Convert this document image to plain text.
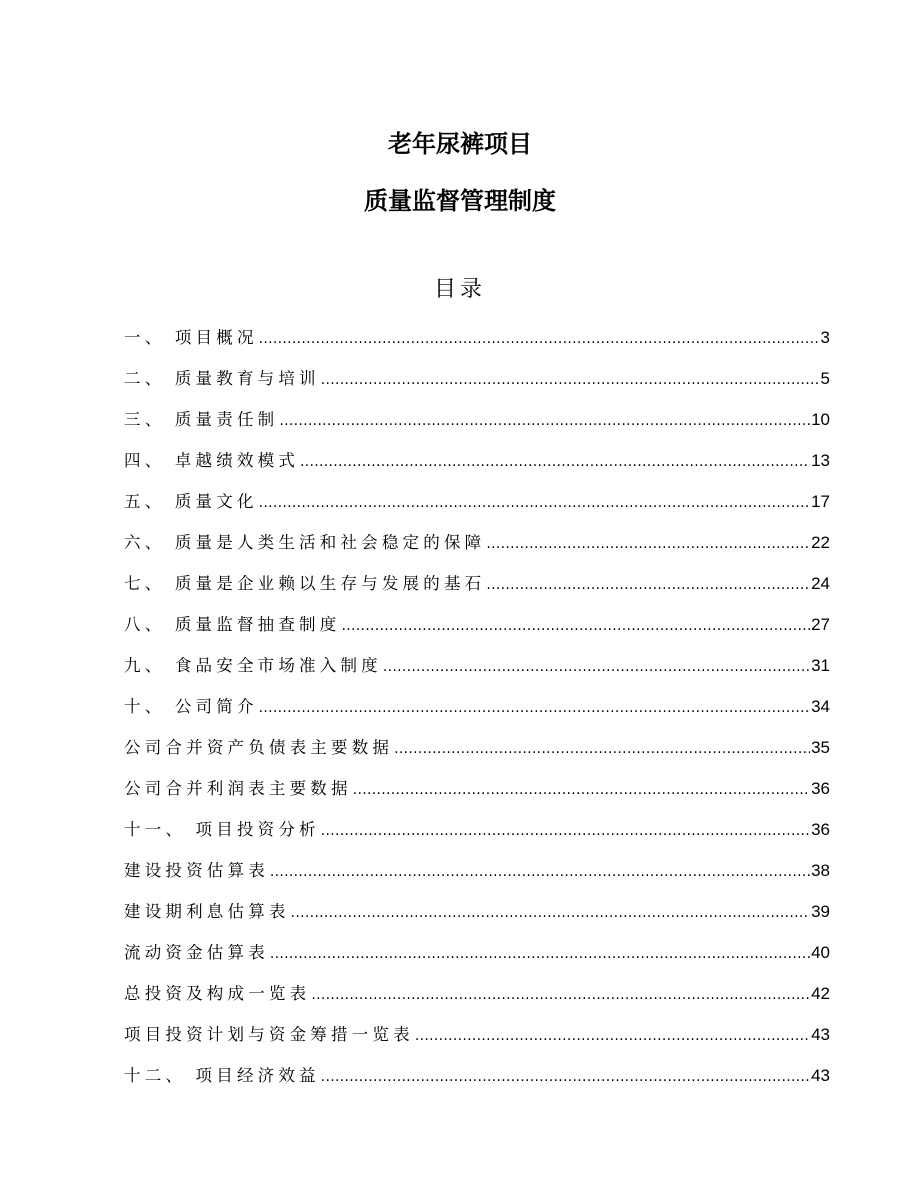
老年尿裤项目
质量监督管理制度
目录
一、 项目概况 .....	3
二、 质量教育与培训 .....	5
三、 质量责任制 .....	10
四、 卓越绩效模式 .....	13
五、 质量文化 .....	17
六、 质量是人类生活和社会稳定的保障 .....	22
七、 质量是企业赖以生存与发展的基石 .....	24
八、 质量监督抽查制度 .....	27
九、 食品安全市场准入制度 .....	31
十、 公司简介 .....	34
公司合并资产负债表主要数据 .....	35
公司合并利润表主要数据 .....	36
十一、 项目投资分析 .....	36
建设投资估算表 .....	38
建设期利息估算表 .....	39
流动资金估算表 .....	40
总投资及构成一览表 .....	42
项目投资计划与资金筹措一览表 .....	43
十二、 项目经济效益 .....	43
